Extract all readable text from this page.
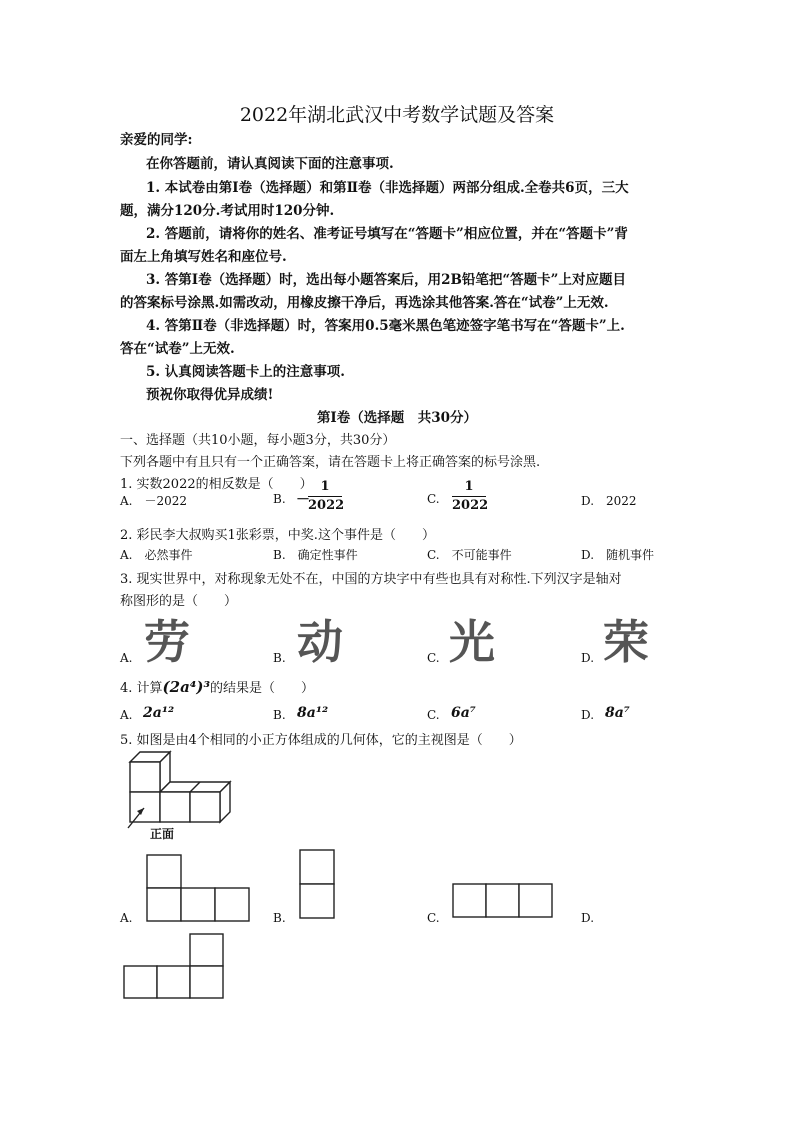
2022年湖北武汉中考数学试题及答案
亲爱的同学:
在你答题前，请认真阅读下面的注意事项.
1. 本试卷由第Ⅰ卷（选择题）和第Ⅱ卷（非选择题）两部分组成.全卷共6页，三大
题，满分120分.考试用时120分钟.
2. 答题前，请将你的姓名、准考证号填写在“答题卡”相应位置，并在“答题卡”背
面左上角填写姓名和座位号.
3. 答第Ⅰ卷（选择题）时，选出每小题答案后，用2B铅笔把“答题卡”上对应题目
的答案标号涂黑.如需改动，用橡皮擦干净后，再选涂其他答案.答在“试卷”上无效.
4. 答第Ⅱ卷（非选择题）时，答案用0.5毫米黑色笔迹签字笔书写在“答题卡”上.
答在“试卷”上无效.
5. 认真阅读答题卡上的注意事项.
预祝你取得优异成绩!
第Ⅰ卷（选择题　共30分）
一、选择题（共10小题，每小题3分，共30分）
下列各题中有且只有一个正确答案，请在答题卡上将正确答案的标号涂黑.
1. 实数2022的相反数是（　　）
A.　－2022	B. －
1
2022	C.
1
2022	D.　2022
2. 彩民李大叔购买1张彩票，中奖.这个事件是（　　）
A.　必然事件	B.　确定性事件	C.　不可能事件	D.　随机事件
3. 现实世界中，对称现象无处不在，中国的方块字中有些也具有对称性.下列汉字是轴对
称图形的是（　　）
劳 动 光 荣
A.	B.	C.	D.
4. 计算(2a⁴)³的结果是（　　）
A. 2a¹²	B. 8a¹²	C. 6a⁷	D. 8a⁷
5. 如图是由4个相同的小正方体组成的几何体，它的主视图是（　　）
正面
A.	B.	C.	D.
